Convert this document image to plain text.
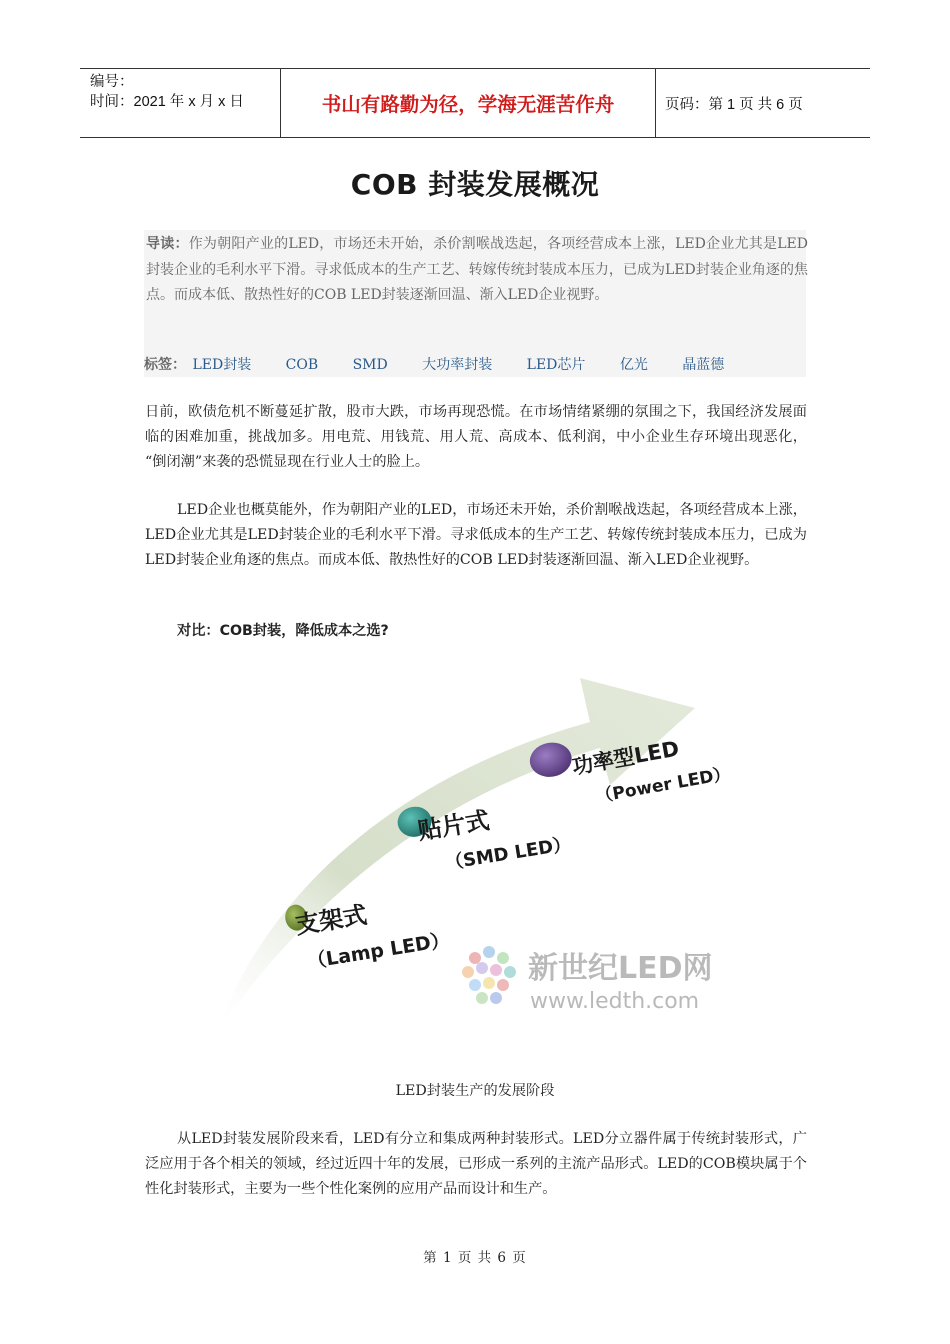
编号：
时间：2021 年 x 月 x 日	书山有路勤为径，学海无涯苦作舟	页码：第 1 页 共 6 页
COB 封装发展概况
导读：作为朝阳产业的LED，市场还未开始，杀价割喉战迭起，各项经营成本上涨，LED企业尤其是LED封装企业的毛利水平下滑。寻求低成本的生产工艺、转嫁传统封装成本压力，已成为LED封装企业角逐的焦点。而成本低、散热性好的COB LED封装逐渐回温、渐入LED企业视野。
标签： LED封装 COB SMD 大功率封装 LED芯片 亿光 晶蓝德
日前，欧债危机不断蔓延扩散，股市大跌，市场再现恐慌。在市场情绪紧绷的氛围之下，我国经济发展面临的困难加重，挑战加多。用电荒、用钱荒、用人荒、高成本、低利润，中小企业生存环境出现恶化， “倒闭潮”来袭的恐慌显现在行业人士的脸上。
LED企业也概莫能外，作为朝阳产业的LED，市场还未开始，杀价割喉战迭起，各项经营成本上涨，LED企业尤其是LED封装企业的毛利水平下滑。寻求低成本的生产工艺、转嫁传统封装成本压力，已成为LED封装企业角逐的焦点。而成本低、散热性好的COB LED封装逐渐回温、渐入LED企业视野。
对比：COB封装，降低成本之选?
支架式
（Lamp LED）
贴片式
（SMD LED）
功率型LED
（Power LED）
新世纪LED网
www.ledth.com
LED封装生产的发展阶段
从LED封装发展阶段来看，LED有分立和集成两种封装形式。LED分立器件属于传统封装形式，广泛应用于各个相关的领域，经过近四十年的发展，已形成一系列的主流产品形式。LED的COB模块属于个性化封装形式，主要为一些个性化案例的应用产品而设计和生产。
第 1 页 共 6 页
